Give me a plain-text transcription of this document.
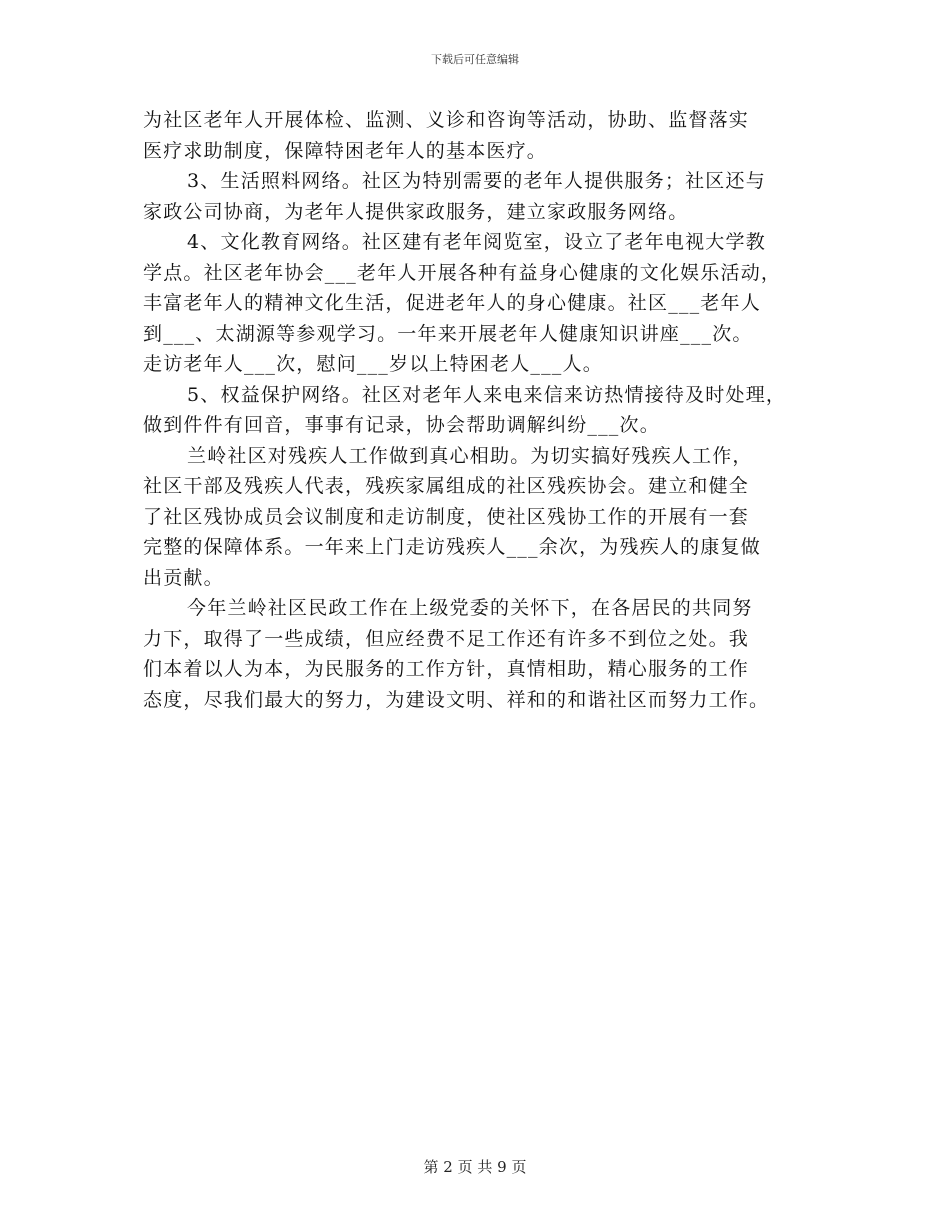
下载后可任意编辑
为社区老年人开展体检、监测、义诊和咨询等活动，协助、监督落实
医疗求助制度，保障特困老年人的基本医疗。
3、生活照料网络。社区为特别需要的老年人提供服务；社区还与
家政公司协商，为老年人提供家政服务，建立家政服务网络。
4、文化教育网络。社区建有老年阅览室，设立了老年电视大学教
学点。社区老年协会___老年人开展各种有益身心健康的文化娱乐活动，
丰富老年人的精神文化生活，促进老年人的身心健康。社区___老年人
到___、太湖源等参观学习。一年来开展老年人健康知识讲座___次。
走访老年人___次，慰问___岁以上特困老人___人。
5、权益保护网络。社区对老年人来电来信来访热情接待及时处理，
做到件件有回音，事事有记录，协会帮助调解纠纷___次。
兰岭社区对残疾人工作做到真心相助。为切实搞好残疾人工作，
社区干部及残疾人代表，残疾家属组成的社区残疾协会。建立和健全
了社区残协成员会议制度和走访制度，使社区残协工作的开展有一套
完整的保障体系。一年来上门走访残疾人___余次，为残疾人的康复做
出贡献。
今年兰岭社区民政工作在上级党委的关怀下，在各居民的共同努
力下，取得了一些成绩，但应经费不足工作还有许多不到位之处。我
们本着以人为本，为民服务的工作方针，真情相助，精心服务的工作
态度，尽我们最大的努力，为建设文明、祥和的和谐社区而努力工作。
第 2 页 共 9 页
